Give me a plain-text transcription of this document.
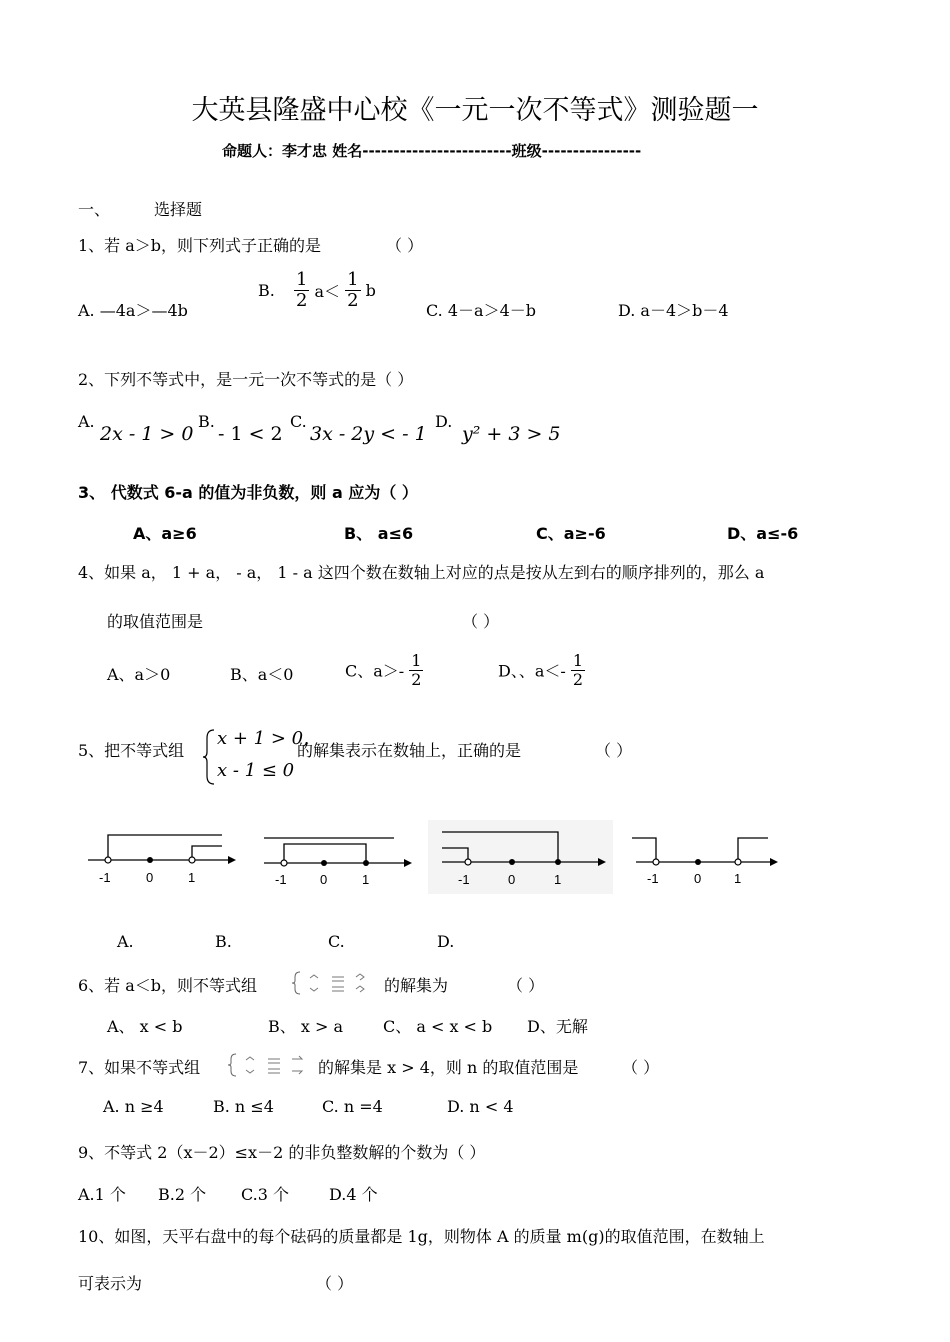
大英县隆盛中心校《一元一次不等式》测验题一
命题人：李才忠 姓名------------------------班级----------------
一、	选择题
1、若 a＞b，则下列式子正确的是	（ ）
A. —4a＞—4b
B. $\frac{1}{2} a< \frac{1}{2}$ b
C. 4－a＞4－b	D. a－4＞b－4
2、下列不等式中，是一元一次不等式的是（ ）
A.
2x - 1 > 0
B.
- 1 < 2
C.
3x - 2y < - 1
D.
y² + 3 > 5
3、 代数式 6-a 的值为非负数，则 a 应为（ ）
A、a≥6	B、 a≤6	C、a≥-6	D、a≤-6
4、如果 a， 1 + a， - a， 1 - a 这四个数在数轴上对应的点是按从左到右的顺序排列的，那么 a
的取值范围是	（ ）
A、a＞0	B、a＜0	C、$a>- \frac{1}{2}$	D、、$a<- \frac{1}{2}$
5、把不等式组
x + 1 > 0,
x - 1 ≤ 0
的解集表示在数轴上，正确的是	（ ）
-1	0	1	-1	0	1	-1	0	1	-1	0	1
A.	B.	C.	D.
6、若 a＜b，则不等式组	的解集为	（ ）
A、 x < b	B、 x > a	C、 a < x < b D、无解
7、如果不等式组	的解集是 x > 4，则 n 的取值范围是	（ ）
A. n ≥4	B. n ≤4	C. n =4	D. n < 4
9、不等式 2（x－2）≤x－2 的非负整数解的个数为（ ）
A.1 个 B.2 个 C.3 个 D.4 个
10、如图，天平右盘中的每个砝码的质量都是 1g，则物体 A 的质量 m(g)的取值范围，在数轴上
可表示为	（ ）
